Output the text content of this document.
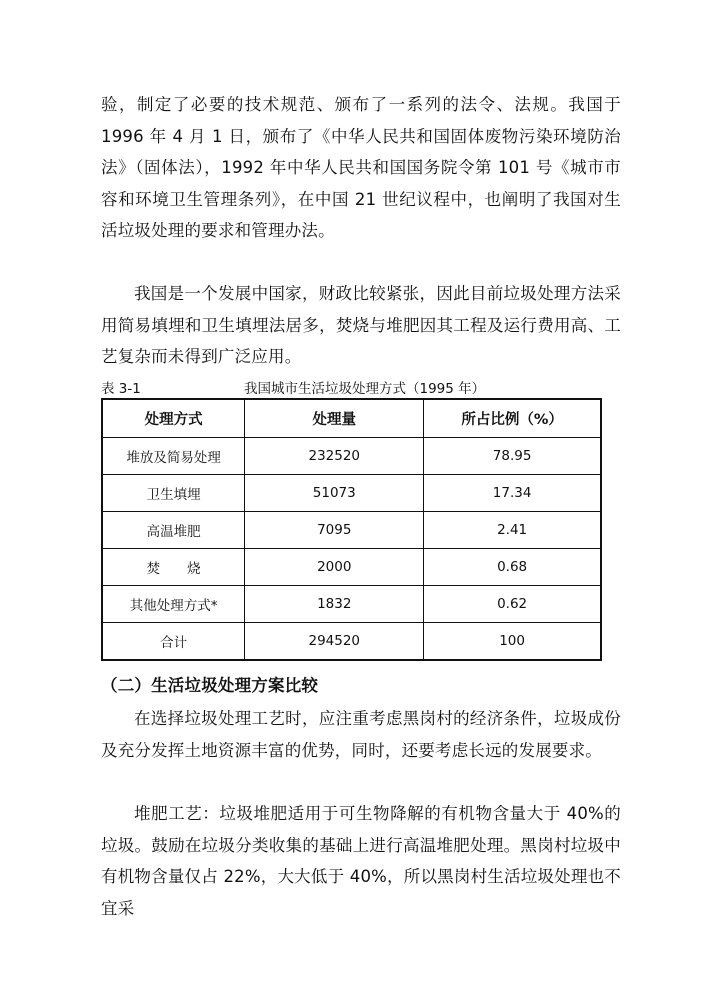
验，制定了必要的技术规范、颁布了一系列的法令、法规。我国于 1996 年 4 月 1 日，颁布了《中华人民共和国固体废物污染环境防治法》（固体法），1992 年中华人民共和国国务院令第 101 号《城市市容和环境卫生管理条列》，在中国 21 世纪议程中，也阐明了我国对生活垃圾处理的要求和管理办法。

我国是一个发展中国家，财政比较紧张，因此目前垃圾处理方法采用简易填埋和卫生填埋法居多，焚烧与堆肥因其工程及运行费用高、工艺复杂而未得到广泛应用。

表 3-1	我国城市生活垃圾处理方式（1995 年）
处理方式	处理量	所占比例（%）
堆放及简易处理	232520	78.95
卫生填埋	51073	17.34
高温堆肥	7095	2.41
焚　　烧	2000	0.68
其他处理方式*	1832	0.62
合计	294520	100
（二）生活垃圾处理方案比较

在选择垃圾处理工艺时，应注重考虑黑岗村的经济条件，垃圾成份及充分发挥土地资源丰富的优势，同时，还要考虑长远的发展要求。

堆肥工艺：垃圾堆肥适用于可生物降解的有机物含量大于 40%的垃圾。鼓励在垃圾分类收集的基础上进行高温堆肥处理。黑岗村垃圾中有机物含量仅占 22%，大大低于 40%，所以黑岗村生活垃圾处理也不宜采
